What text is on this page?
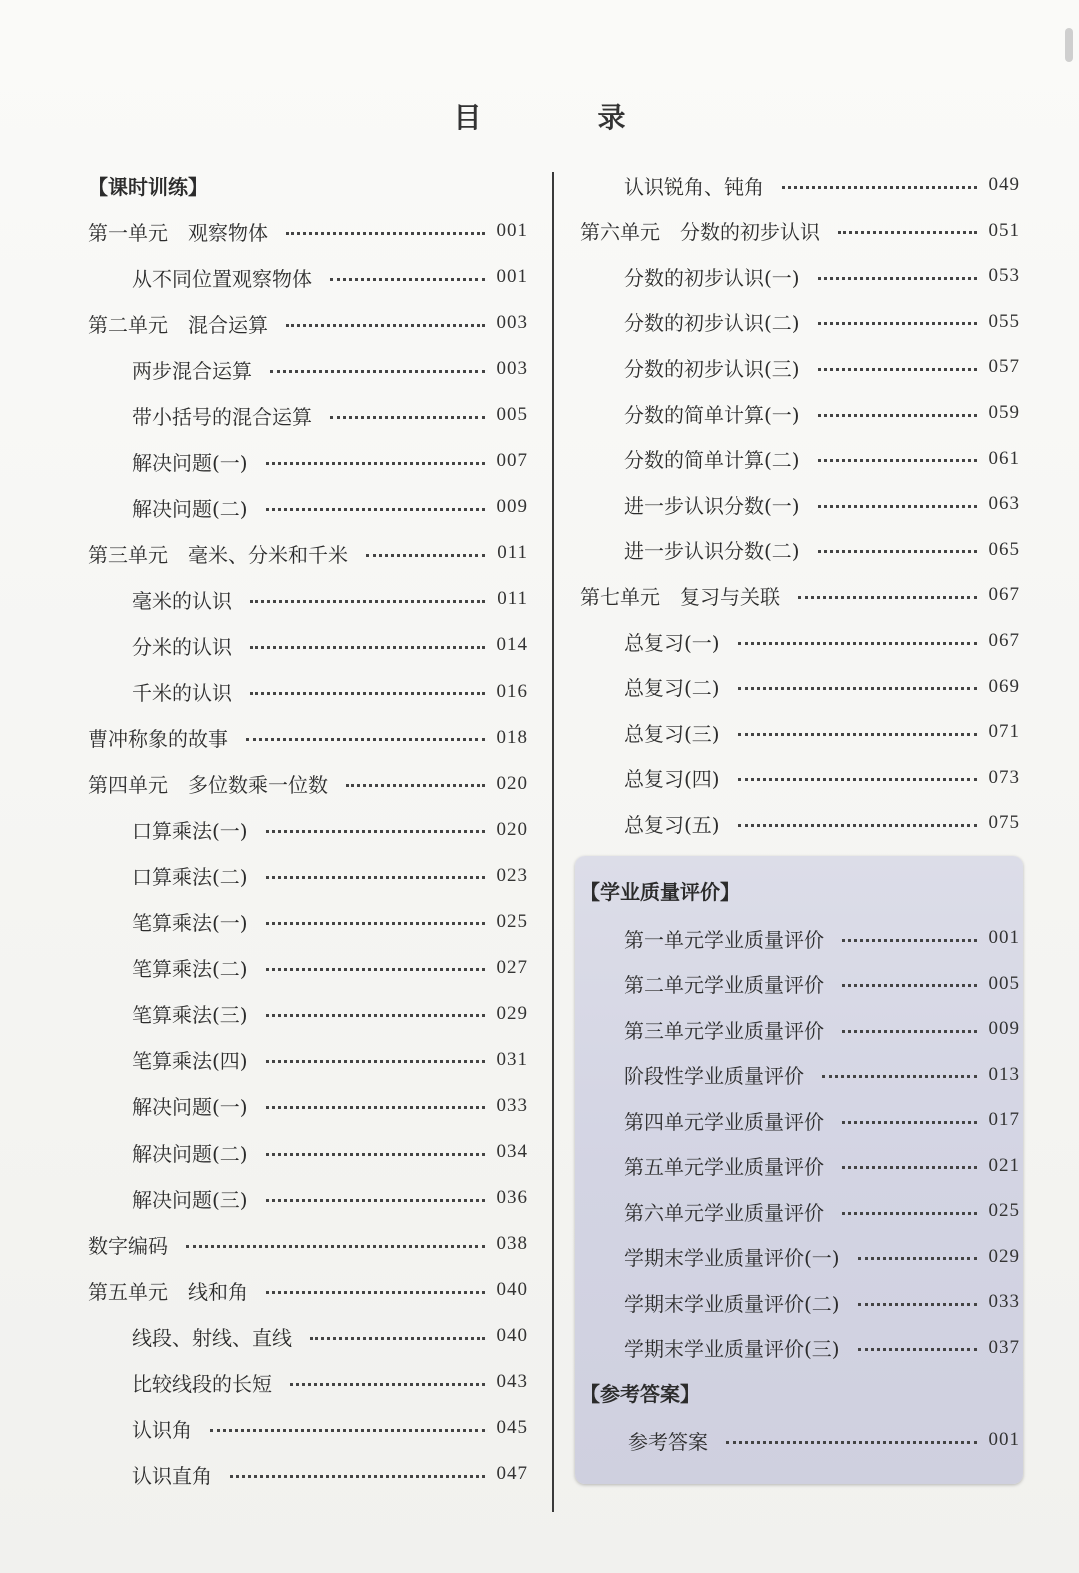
目　录
【课时训练】
第一单元　观察物体	001
从不同位置观察物体	001
第二单元　混合运算	003
两步混合运算	003
带小括号的混合运算	005
解决问题(一)	007
解决问题(二)	009
第三单元　毫米、分米和千米	011
毫米的认识	011
分米的认识	014
千米的认识	016
曹冲称象的故事	018
第四单元　多位数乘一位数	020
口算乘法(一)	020
口算乘法(二)	023
笔算乘法(一)	025
笔算乘法(二)	027
笔算乘法(三)	029
笔算乘法(四)	031
解决问题(一)	033
解决问题(二)	034
解决问题(三)	036
数字编码	038
第五单元　线和角	040
线段、射线、直线	040
比较线段的长短	043
认识角	045
认识直角	047
认识锐角、钝角	049
第六单元　分数的初步认识	051
分数的初步认识(一)	053
分数的初步认识(二)	055
分数的初步认识(三)	057
分数的简单计算(一)	059
分数的简单计算(二)	061
进一步认识分数(一)	063
进一步认识分数(二)	065
第七单元　复习与关联	067
总复习(一)	067
总复习(二)	069
总复习(三)	071
总复习(四)	073
总复习(五)	075
【学业质量评价】
【参考答案】
第一单元学业质量评价	001
第二单元学业质量评价	005
第三单元学业质量评价	009
阶段性学业质量评价	013
第四单元学业质量评价	017
第五单元学业质量评价	021
第六单元学业质量评价	025
学期末学业质量评价(一)	029
学期末学业质量评价(二)	033
学期末学业质量评价(三)	037
参考答案	001
